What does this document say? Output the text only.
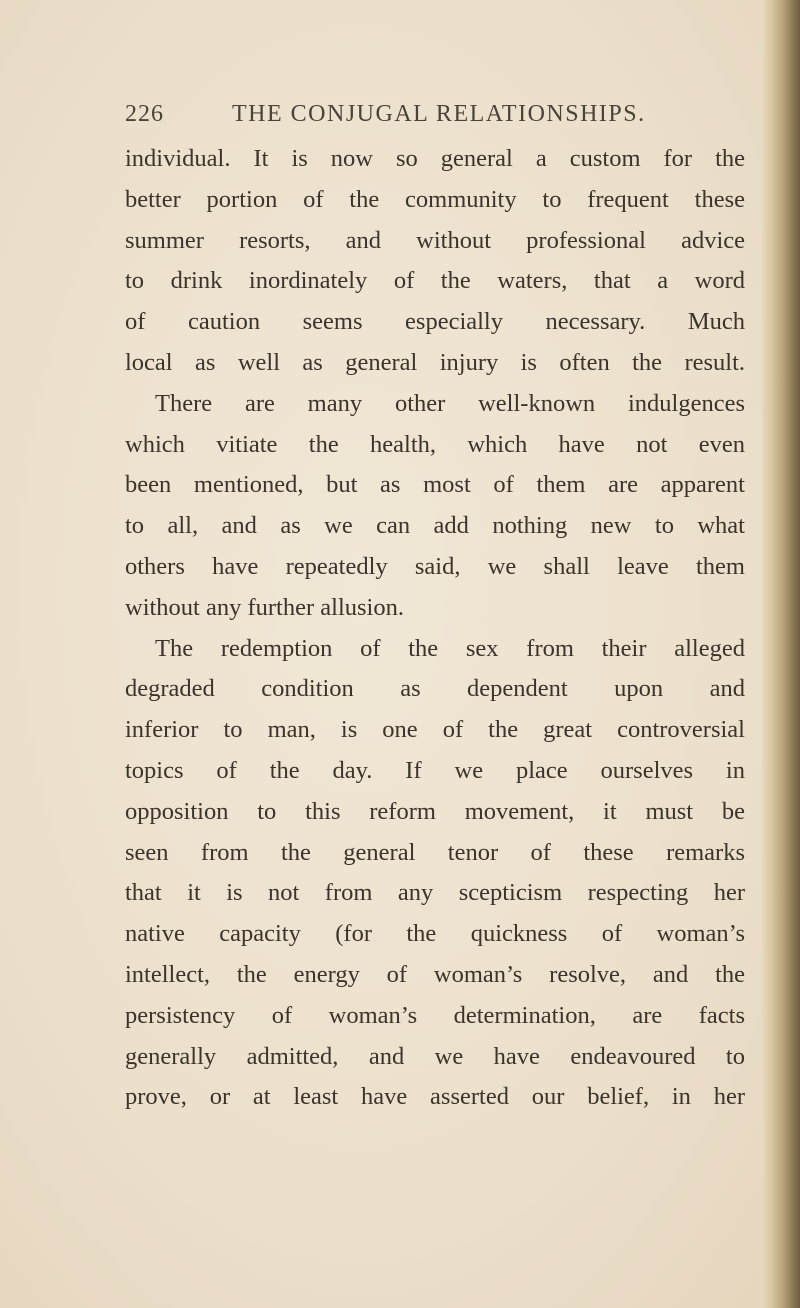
226	THE CONJUGAL RELATIONSHIPS.
individual. It is now so general a custom for the
better portion of the community to frequent these
summer resorts, and without professional advice
to drink inordinately of the waters, that a word
of caution seems especially necessary. Much
local as well as general injury is often the result.
There are many other well-known indulgences
which vitiate the health, which have not even
been mentioned, but as most of them are apparent
to all, and as we can add nothing new to what
others have repeatedly said, we shall leave them
without any further allusion.
The redemption of the sex from their alleged
degraded condition as dependent upon and
inferior to man, is one of the great controversial
topics of the day. If we place ourselves in
opposition to this reform movement, it must be
seen from the general tenor of these remarks
that it is not from any scepticism respecting her
native capacity (for the quickness of woman’s
intellect, the energy of woman’s resolve, and the
persistency of woman’s determination, are facts
generally admitted, and we have endeavoured to
prove, or at least have asserted our belief, in her
